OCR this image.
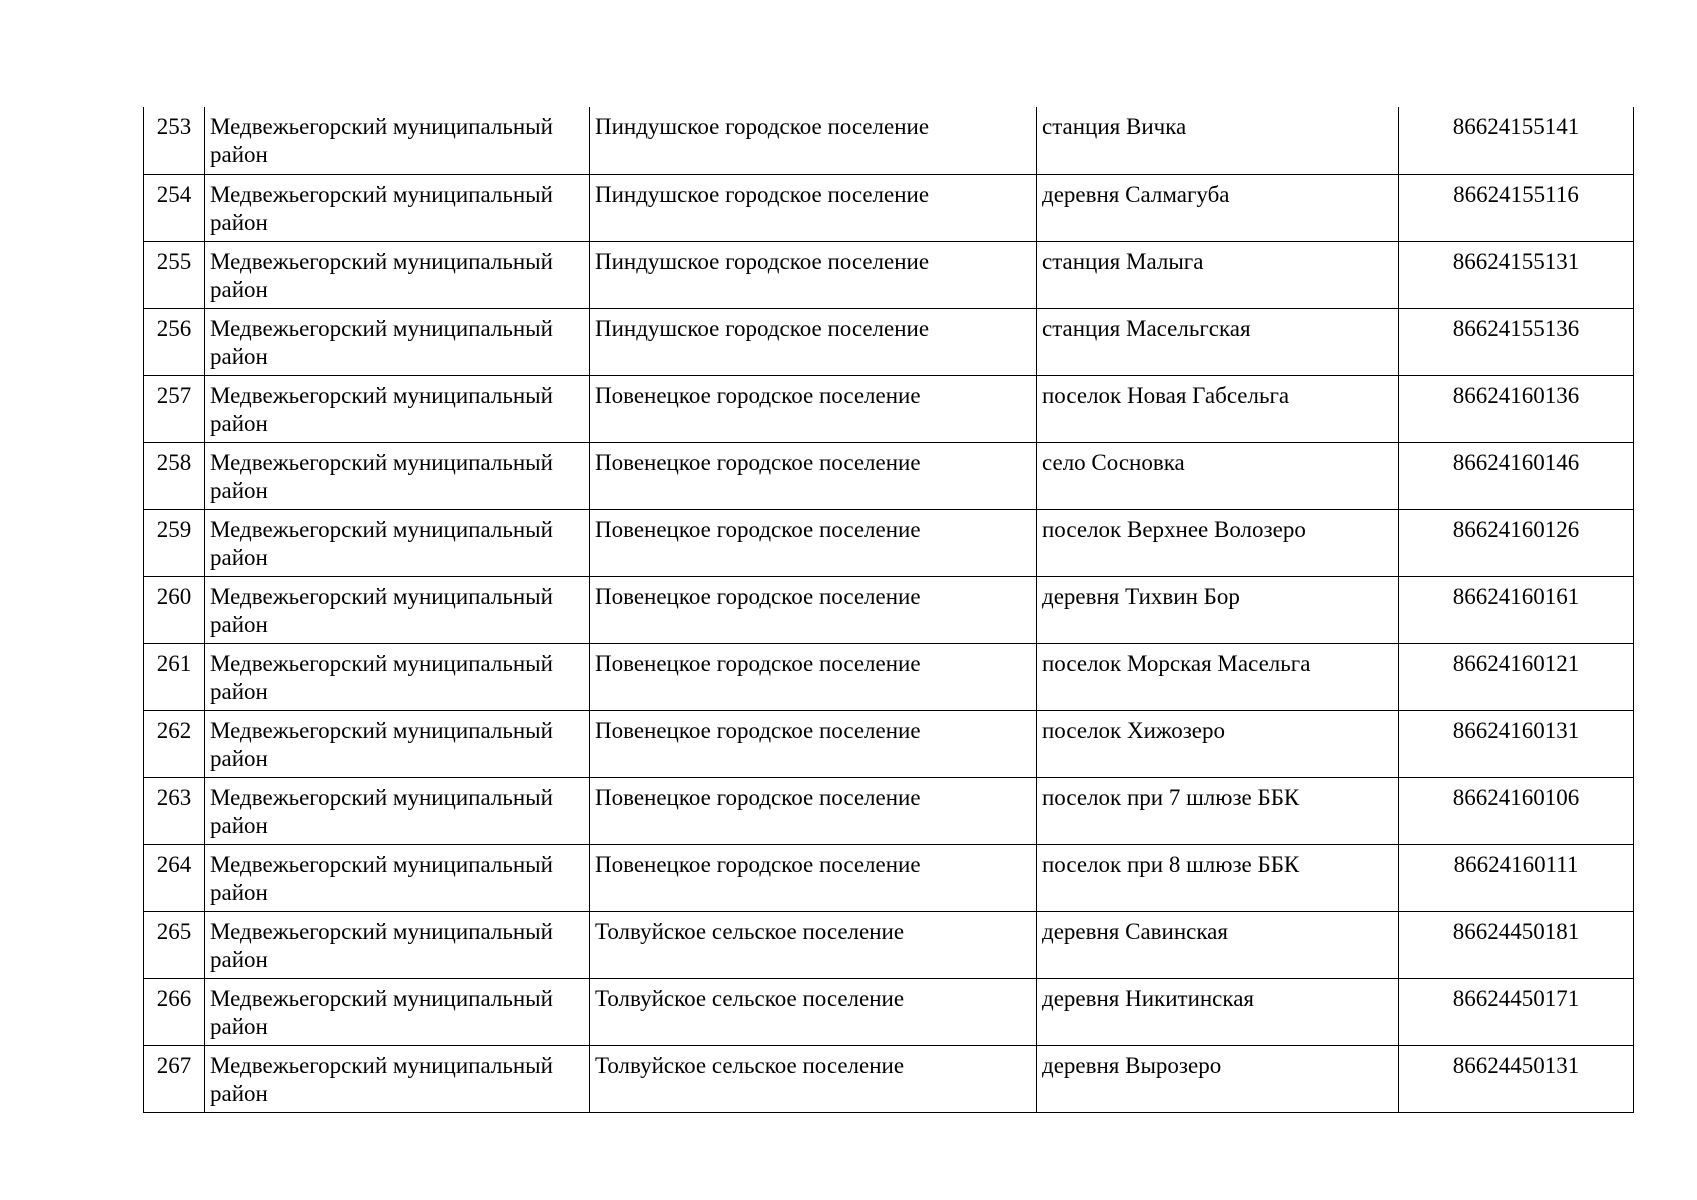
253	Медвежьегорский муниципальный район	Пиндушское городское поселение	станция Вичка	86624155141
254	Медвежьегорский муниципальный район	Пиндушское городское поселение	деревня Салмагуба	86624155116
255	Медвежьегорский муниципальный район	Пиндушское городское поселение	станция Малыга	86624155131
256	Медвежьегорский муниципальный район	Пиндушское городское поселение	станция Масельгская	86624155136
257	Медвежьегорский муниципальный район	Повенецкое городское поселение	поселок Новая Габсельга	86624160136
258	Медвежьегорский муниципальный район	Повенецкое городское поселение	село Сосновка	86624160146
259	Медвежьегорский муниципальный район	Повенецкое городское поселение	поселок Верхнее Волозеро	86624160126
260	Медвежьегорский муниципальный район	Повенецкое городское поселение	деревня Тихвин Бор	86624160161
261	Медвежьегорский муниципальный район	Повенецкое городское поселение	поселок Морская Масельга	86624160121
262	Медвежьегорский муниципальный район	Повенецкое городское поселение	поселок Хижозеро	86624160131
263	Медвежьегорский муниципальный район	Повенецкое городское поселение	поселок при 7 шлюзе ББК	86624160106
264	Медвежьегорский муниципальный район	Повенецкое городское поселение	поселок при 8 шлюзе ББК	86624160111
265	Медвежьегорский муниципальный район	Толвуйское сельское поселение	деревня Савинская	86624450181
266	Медвежьегорский муниципальный район	Толвуйское сельское поселение	деревня Никитинская	86624450171
267	Медвежьегорский муниципальный район	Толвуйское сельское поселение	деревня Вырозеро	86624450131
